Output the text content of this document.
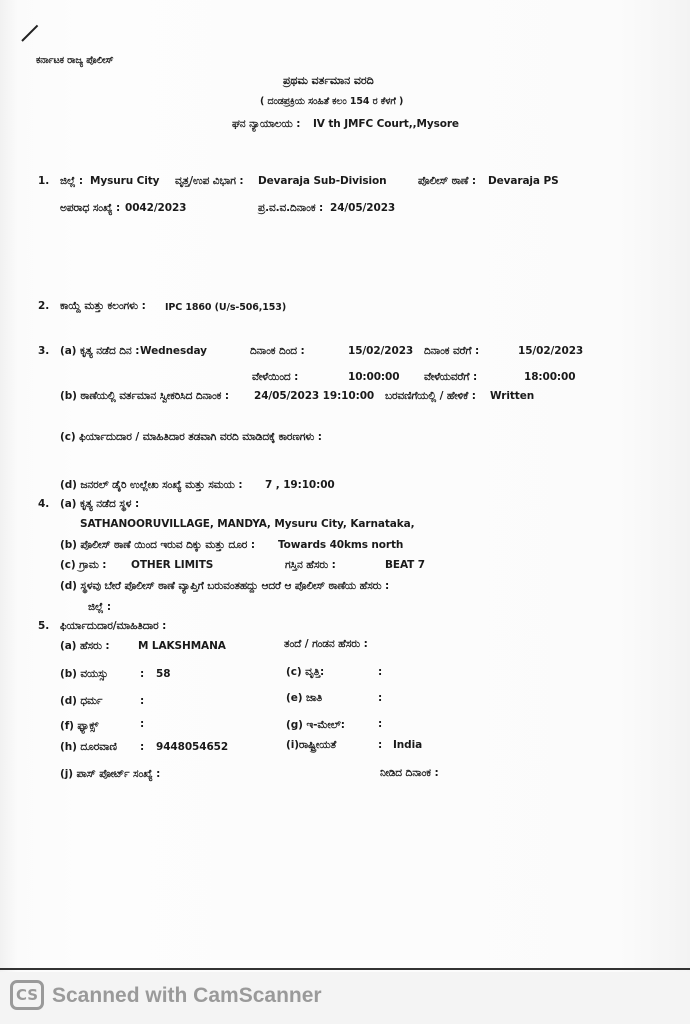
ಕರ್ನಾಟಕ ರಾಜ್ಯ ಪೊಲೀಸ್
ಪ್ರಥಮ ವರ್ತಮಾನ ವರದಿ
( ದಂಡಪ್ರಕ್ರಿಯ ಸಂಹಿತೆ ಕಲಂ 154 ರ ಕೆಳಗೆ )
ಘನ ನ್ಯಾಯಾಲಯ : IV th JMFC Court,,Mysore
1. ಜಿಲ್ಲೆ : Mysuru City ವೃತ್ತ/ಉಪ ವಿಭಾಗ : Devaraja Sub-Division	ಪೊಲೀಸ್ ಠಾಣೆ : Devaraja PS
ಅಪರಾಧ ಸಂಖ್ಯೆ : 0042/2023	ಪ್ರ.ವ.ವ.ದಿನಾಂಕ : 24/05/2023
2. ಕಾಯ್ದೆ ಮತ್ತು ಕಲಂಗಳು : IPC 1860 (U/s-506,153)
3. (a) ಕೃತ್ಯ ನಡೆದ ದಿನ : Wednesday	ದಿನಾಂಕ ದಿಂದ :	15/02/2023 ದಿನಾಂಕ ವರೆಗೆ :	15/02/2023
ವೇಳೆಯಿಂದ :	10:00:00 ವೇಳೆಯವರೆಗೆ :	18:00:00
(b) ಠಾಣೆಯಲ್ಲಿ ವರ್ತಮಾನ ಸ್ವೀಕರಿಸಿದ ದಿನಾಂಕ : 24/05/2023 19:10:00 ಬರವಣಿಗೆಯಲ್ಲಿ / ಹೇಳಿಕೆ : Written
(c) ಫಿರ್ಯಾದುದಾರ / ಮಾಹಿತಿದಾರ ತಡವಾಗಿ ವರದಿ ಮಾಡಿದಕ್ಕೆ ಕಾರಣಗಳು :
(d) ಜನರಲ್ ಡೈರಿ ಉಲ್ಲೇಖ ಸಂಖ್ಯೆ ಮತ್ತು ಸಮಯ : 7 , 19:10:00
4. (a) ಕೃತ್ಯ ನಡೆದ ಸ್ಥಳ :
SATHANOORUVILLAGE, MANDYA, Mysuru City, Karnataka,
(b) ಪೊಲೀಸ್ ಠಾಣೆ ಯಿಂದ ಇರುವ ದಿಕ್ಕು ಮತ್ತು ದೂರ : Towards 40kms north
(c) ಗ್ರಾಮ : OTHER LIMITS	ಗಸ್ತಿನ ಹೆಸರು :	BEAT 7
(d) ಸ್ಥಳವು ಬೇರೆ ಪೊಲೀಸ್ ಠಾಣೆ ವ್ಯಾಪ್ತಿಗೆ ಬರುವಂತಹದ್ದು ಆದರೆ ಆ ಪೊಲೀಸ್ ಠಾಣೆಯ ಹೆಸರು :
ಜಿಲ್ಲೆ :
5. ಫಿರ್ಯಾದುದಾರ/ಮಾಹಿತಿದಾರ :
(a) ಹೆಸರು :	M LAKSHMANA	ತಂದೆ / ಗಂಡನ ಹೆಸರು :
(b) ವಯಸ್ಸು	: 58	(c) ವೃತ್ತಿ:	:
(d) ಧರ್ಮ	:	(e) ಜಾತಿ	:
(f) ಫ್ಯಾಕ್ಸ್	:	(g) ಇ-ಮೇಲ್:	:
(h) ದೂರವಾಣಿ : 9448054652	(i)ರಾಷ್ಟ್ರೀಯತೆ	: India
(j) ಪಾಸ್ ಪೋರ್ಟ್ ಸಂಖ್ಯೆ :	ನೀಡಿದ ದಿನಾಂಕ :
CS Scanned with CamScanner
